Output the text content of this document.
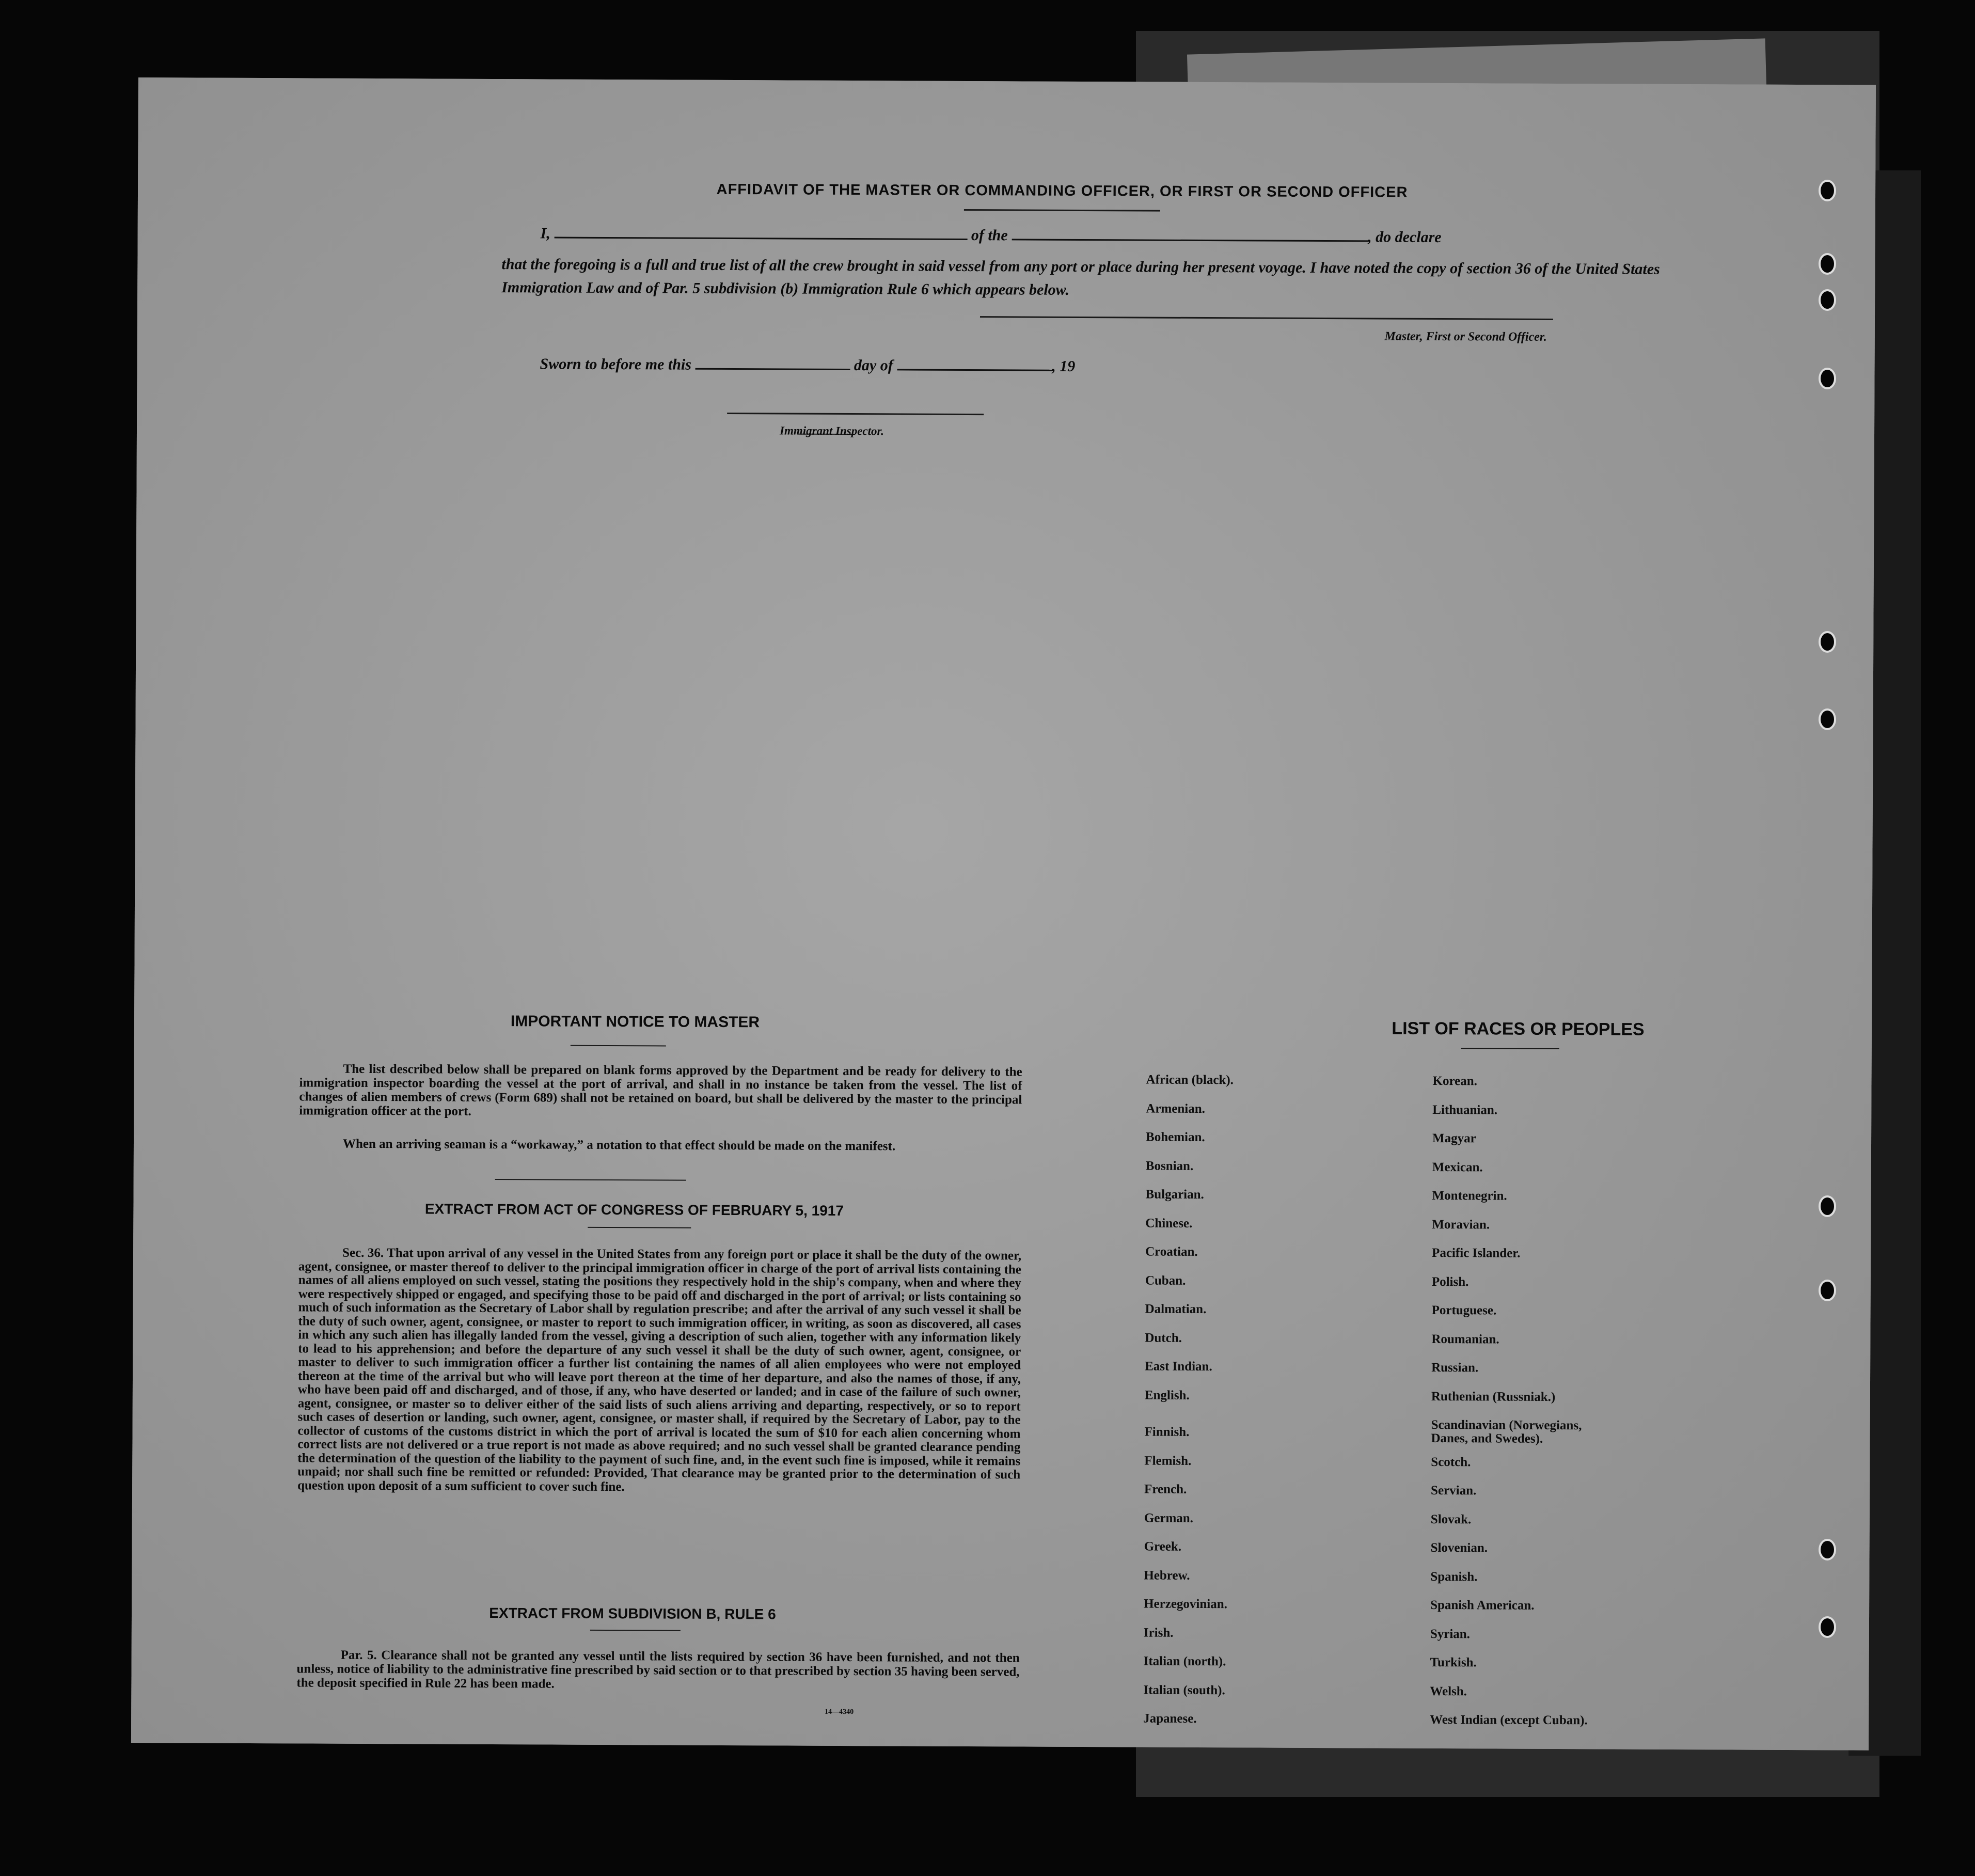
AFFIDAVIT OF THE MASTER OR COMMANDING OFFICER, OR FIRST OR SECOND OFFICER
I,	of the	, do declare
that the foregoing is a full and true list of all the crew brought in said vessel from any port or place during her present voyage. I have noted the copy of section 36 of the United States Immigration Law and of Par. 5 subdivision (b) Immigration Rule 6 which appears below.
Master, First or Second Officer.
Sworn to before me this	day of	, 19
Immigrant Inspector.
IMPORTANT NOTICE TO MASTER
The list described below shall be prepared on blank forms approved by the Department and be ready for delivery to the immigration inspector boarding the vessel at the port of arrival, and shall in no instance be taken from the vessel. The list of changes of alien members of crews (Form 689) shall not be retained on board, but shall be delivered by the master to the principal immigration officer at the port.
When an arriving seaman is a “workaway,” a notation to that effect should be made on the manifest.
EXTRACT FROM ACT OF CONGRESS OF FEBRUARY 5, 1917
Sec. 36. That upon arrival of any vessel in the United States from any foreign port or place it shall be the duty of the owner, agent, consignee, or master thereof to deliver to the principal immigration officer in charge of the port of arrival lists containing the names of all aliens employed on such vessel, stating the positions they respectively hold in the ship's company, when and where they were respectively shipped or engaged, and specifying those to be paid off and discharged in the port of arrival; or lists containing so much of such information as the Secretary of Labor shall by regulation prescribe; and after the arrival of any such vessel it shall be the duty of such owner, agent, consignee, or master to report to such immigration officer, in writing, as soon as discovered, all cases in which any such alien has illegally landed from the vessel, giving a description of such alien, together with any information likely to lead to his apprehension; and before the departure of any such vessel it shall be the duty of such owner, agent, consignee, or master to deliver to such immigration officer a further list containing the names of all alien employees who were not employed thereon at the time of the arrival but who will leave port thereon at the time of her departure, and also the names of those, if any, who have been paid off and discharged, and of those, if any, who have deserted or landed; and in case of the failure of such owner, agent, consignee, or master so to deliver either of the said lists of such aliens arriving and departing, respectively, or so to report such cases of desertion or landing, such owner, agent, consignee, or master shall, if required by the Secretary of Labor, pay to the collector of customs of the customs district in which the port of arrival is located the sum of $10 for each alien concerning whom correct lists are not delivered or a true report is not made as above required; and no such vessel shall be granted clearance pending the determination of the question of the liability to the payment of such fine, and, in the event such fine is imposed, while it remains unpaid; nor shall such fine be remitted or refunded: Provided, That clearance may be granted prior to the determination of such question upon deposit of a sum sufficient to cover such fine.
EXTRACT FROM SUBDIVISION B, RULE 6
Par. 5. Clearance shall not be granted any vessel until the lists required by section 36 have been furnished, and not then unless, notice of liability to the administrative fine prescribed by said section or to that prescribed by section 35 having been served, the deposit specified in Rule 22 has been made.
14—4340
LIST OF RACES OR PEOPLES
African (black).
Armenian.
Bohemian.
Bosnian.
Bulgarian.
Chinese.
Croatian.
Cuban.
Dalmatian.
Dutch.
East Indian.
English.
Finnish.
Flemish.
French.
German.
Greek.
Hebrew.
Herzegovinian.
Irish.
Italian (north).
Italian (south).
Japanese.
Korean.
Lithuanian.
Magyar
Mexican.
Montenegrin.
Moravian.
Pacific Islander.
Polish.
Portuguese.
Roumanian.
Russian.
Ruthenian (Russniak.)
Scandinavian (Norwegians, Danes, and Swedes).
Scotch.
Servian.
Slovak.
Slovenian.
Spanish.
Spanish American.
Syrian.
Turkish.
Welsh.
West Indian (except Cuban).
